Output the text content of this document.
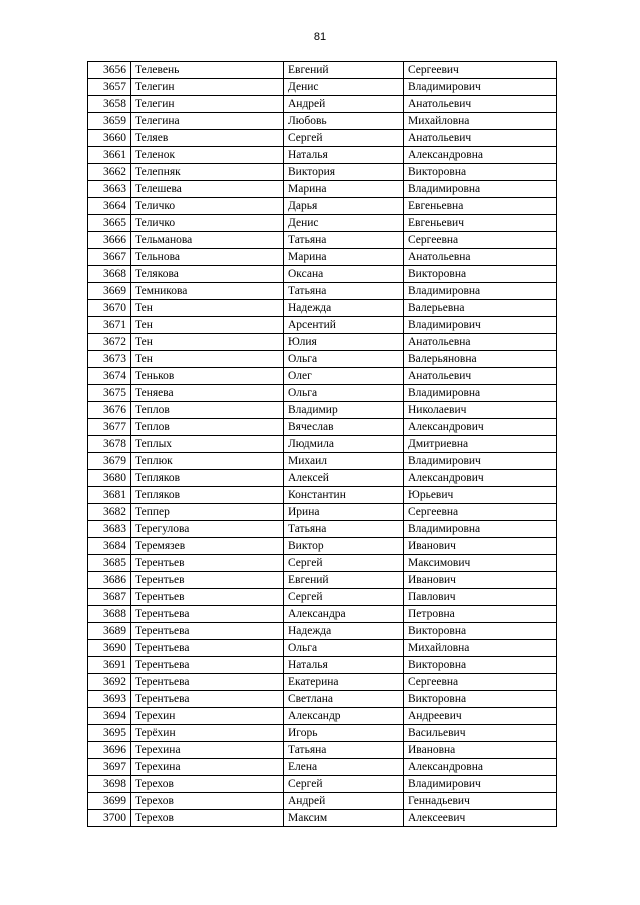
81
3656	Телевень	Евгений	Сергеевич
3657	Телегин	Денис	Владимирович
3658	Телегин	Андрей	Анатольевич
3659	Телегина	Любовь	Михайловна
3660	Теляев	Сергей	Анатольевич
3661	Теленок	Наталья	Александровна
3662	Телепняк	Виктория	Викторовна
3663	Телешева	Марина	Владимировна
3664	Теличко	Дарья	Евгеньевна
3665	Теличко	Денис	Евгеньевич
3666	Тельманова	Татьяна	Сергеевна
3667	Тельнова	Марина	Анатольевна
3668	Телякова	Оксана	Викторовна
3669	Темникова	Татьяна	Владимировна
3670	Тен	Надежда	Валерьевна
3671	Тен	Арсентий	Владимирович
3672	Тен	Юлия	Анатольевна
3673	Тен	Ольга	Валерьяновна
3674	Теньков	Олег	Анатольевич
3675	Теняева	Ольга	Владимировна
3676	Теплов	Владимир	Николаевич
3677	Теплов	Вячеслав	Александрович
3678	Теплых	Людмила	Дмитриевна
3679	Теплюк	Михаил	Владимирович
3680	Тепляков	Алексей	Александрович
3681	Тепляков	Константин	Юрьевич
3682	Теппер	Ирина	Сергеевна
3683	Терегулова	Татьяна	Владимировна
3684	Теремязев	Виктор	Иванович
3685	Терентьев	Сергей	Максимович
3686	Терентьев	Евгений	Иванович
3687	Терентьев	Сергей	Павлович
3688	Терентьева	Александра	Петровна
3689	Терентьева	Надежда	Викторовна
3690	Терентьева	Ольга	Михайловна
3691	Терентьева	Наталья	Викторовна
3692	Терентьева	Екатерина	Сергеевна
3693	Терентьева	Светлана	Викторовна
3694	Терехин	Александр	Андреевич
3695	Терёхин	Игорь	Васильевич
3696	Терехина	Татьяна	Ивановна
3697	Терехина	Елена	Александровна
3698	Терехов	Сергей	Владимирович
3699	Терехов	Андрей	Геннадьевич
3700	Терехов	Максим	Алексеевич
